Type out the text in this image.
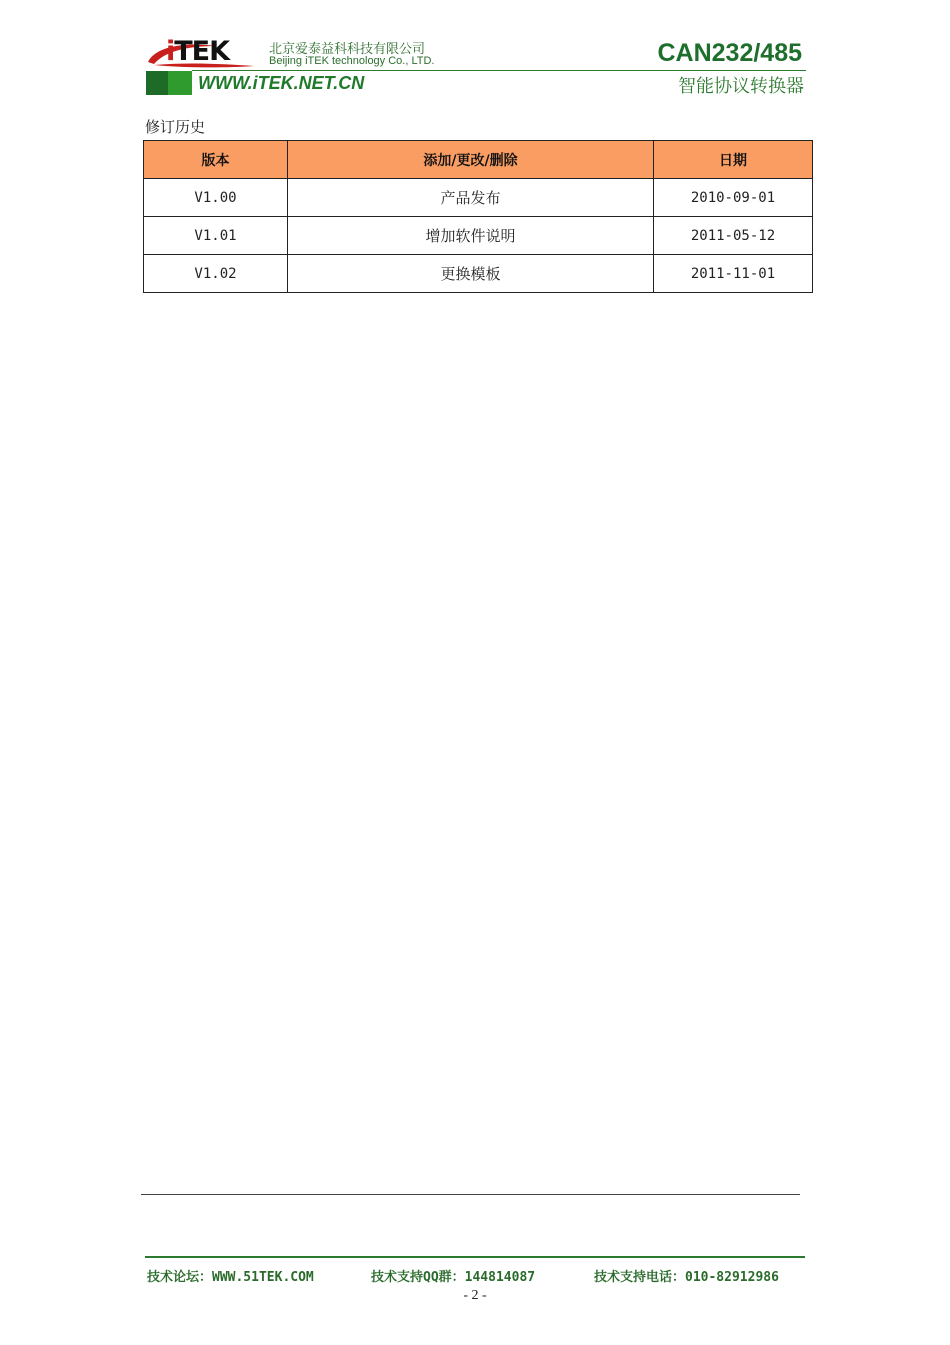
iTEK	北京爱泰益科科技有限公司
Beijing iTEK technology Co., LTD.
WWW.iTEK.NET.CN
CAN232/485
智能协议转换器
修订历史
版本	添加/更改/删除	日期
V1.00	产品发布	2010-09-01
V1.01	增加软件说明	2011-05-12
V1.02	更换模板	2011-11-01
技术论坛：WWW.51TEK.COM	技术支持QQ群：144814087	技术支持电话：010-82912986
- 2 -
